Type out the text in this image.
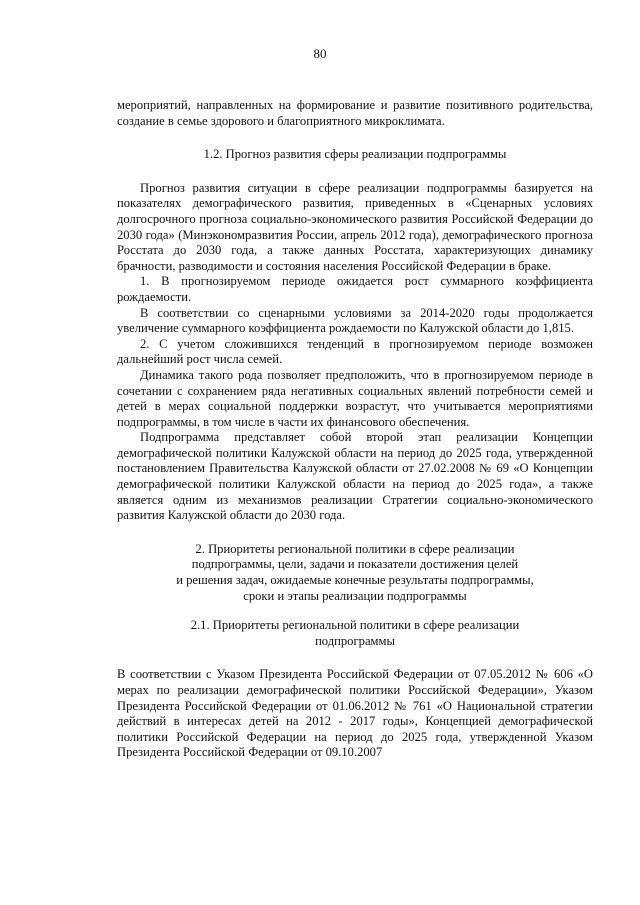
80

мероприятий, направленных на формирование и развитие позитивного родительства, создание в семье здорового и благоприятного микроклимата.

1.2. Прогноз развития сферы реализации подпрограммы

Прогноз развития ситуации в сфере реализации подпрограммы базируется на показателях демографического развития, приведенных в «Сценарных условиях долгосрочного прогноза социально-экономического развития Российской Федерации до 2030 года» (Минэкономразвития России, апрель 2012 года), демографического прогноза Росстата до 2030 года, а также данных Росстата, характеризующих динамику брачности, разводимости и состояния населения Российской Федерации в браке.

1. В прогнозируемом периоде ожидается рост суммарного коэффициента рождаемости.

В соответствии со сценарными условиями за 2014-2020 годы продолжается увеличение суммарного коэффициента рождаемости по Калужской области до 1,815.

2. С учетом сложившихся тенденций в прогнозируемом периоде возможен дальнейший рост числа семей.

Динамика такого рода позволяет предположить, что в прогнозируемом периоде в сочетании с сохранением ряда негативных социальных явлений потребности семей и детей в мерах социальной поддержки возрастут, что учитывается мероприятиями подпрограммы, в том числе в части их финансового обеспечения.

Подпрограмма представляет собой второй этап реализации Концепции демографической политики Калужской области на период до 2025 года, утвержденной постановлением Правительства Калужской области от 27.02.2008 № 69 «О Концепции демографической политики Калужской области на период до 2025 года», а также является одним из механизмов реализации Стратегии социально-экономического развития Калужской области до 2030 года.

2. Приоритеты региональной политики в сфере реализации

подпрограммы, цели, задачи и показатели достижения целей

и решения задач, ожидаемые конечные результаты подпрограммы,

сроки и этапы реализации подпрограммы

2.1. Приоритеты региональной политики в сфере реализации

подпрограммы

В соответствии с Указом Президента Российской Федерации от 07.05.2012 № 606 «О мерах по реализации демографической политики Российской Федерации», Указом Президента Российской Федерации от 01.06.2012 № 761 «О Национальной стратегии действий в интересах детей на 2012 - 2017 годы», Концепцией демографической политики Российской Федерации на период до 2025 года, утвержденной Указом Президента Российской Федерации от 09.10.2007
